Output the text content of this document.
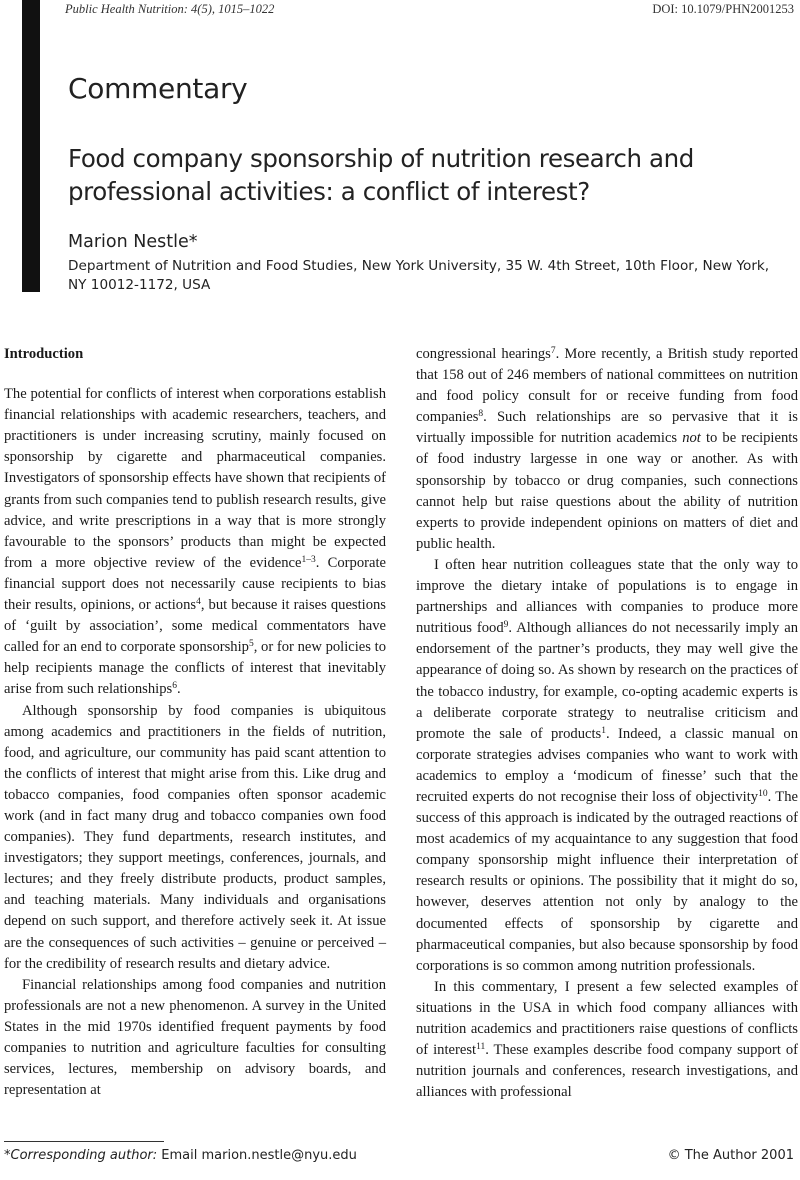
Public Health Nutrition: 4(5), 1015–1022	DOI: 10.1079/PHN2001253
Commentary
Food company sponsorship of nutrition research and professional activities: a conflict of interest?
Marion Nestle*
Department of Nutrition and Food Studies, New York University, 35 W. 4th Street, 10th Floor, New York, NY 10012-1172, USA
Introduction

The potential for conflicts of interest when corporations establish financial relationships with academic researchers, teachers, and practitioners is under increasing scrutiny, mainly focused on sponsorship by cigarette and pharmaceutical companies. Investigators of sponsorship effects have shown that recipients of grants from such companies tend to publish research results, give advice, and write prescriptions in a way that is more strongly favourable to the sponsors’ products than might be expected from a more objective review of the evidence$^{1-3}$. Corporate financial support does not necessarily cause recipients to bias their results, opinions, or actions$^4$, but because it raises questions of ‘guilt by association’, some medical commentators have called for an end to corporate sponsorship$^5$, or for new policies to help recipients manage the conflicts of interest that inevitably arise from such relationships$^6$.

Although sponsorship by food companies is ubiquitous among academics and practitioners in the fields of nutrition, food, and agriculture, our community has paid scant attention to the conflicts of interest that might arise from this. Like drug and tobacco companies, food companies often sponsor academic work (and in fact many drug and tobacco companies own food companies). They fund departments, research institutes, and investigators; they support meetings, conferences, journals, and lectures; and they freely distribute products, product samples, and teaching materials. Many individuals and organisations depend on such support, and therefore actively seek it. At issue are the consequences of such activities – genuine or perceived – for the credibility of research results and dietary advice.

Financial relationships among food companies and nutrition professionals are not a new phenomenon. A survey in the United States in the mid 1970s identified frequent payments by food companies to nutrition and agriculture faculties for consulting services, lectures, membership on advisory boards, and representation at

congressional hearings$^7$. More recently, a British study reported that 158 out of 246 members of national committees on nutrition and food policy consult for or receive funding from food companies$^8$. Such relationships are so pervasive that it is virtually impossible for nutrition academics not to be recipients of food industry largesse in one way or another. As with sponsorship by tobacco or drug companies, such connections cannot help but raise questions about the ability of nutrition experts to provide independent opinions on matters of diet and public health.

I often hear nutrition colleagues state that the only way to improve the dietary intake of populations is to engage in partnerships and alliances with companies to produce more nutritious food$^9$. Although alliances do not necessarily imply an endorsement of the partner’s products, they may well give the appearance of doing so. As shown by research on the practices of the tobacco industry, for example, co-opting academic experts is a deliberate corporate strategy to neutralise criticism and promote the sale of products$^1$. Indeed, a classic manual on corporate strategies advises companies who want to work with academics to employ a ‘modicum of finesse’ such that the recruited experts do not recognise their loss of objectivity$^{10}$. The success of this approach is indicated by the outraged reactions of most academics of my acquaintance to any suggestion that food company sponsorship might influence their interpretation of research results or opinions. The possibility that it might do so, however, deserves attention not only by analogy to the documented effects of sponsorship by cigarette and pharmaceutical companies, but also because sponsorship by food corporations is so common among nutrition professionals.

In this commentary, I present a few selected examples of situations in the USA in which food company alliances with nutrition academics and practitioners raise questions of conflicts of interest$^{11}$. These examples describe food company support of nutrition journals and conferences, research investigations, and alliances with professional

*Corresponding author: Email marion.nestle@nyu.edu	© The Author 2001
